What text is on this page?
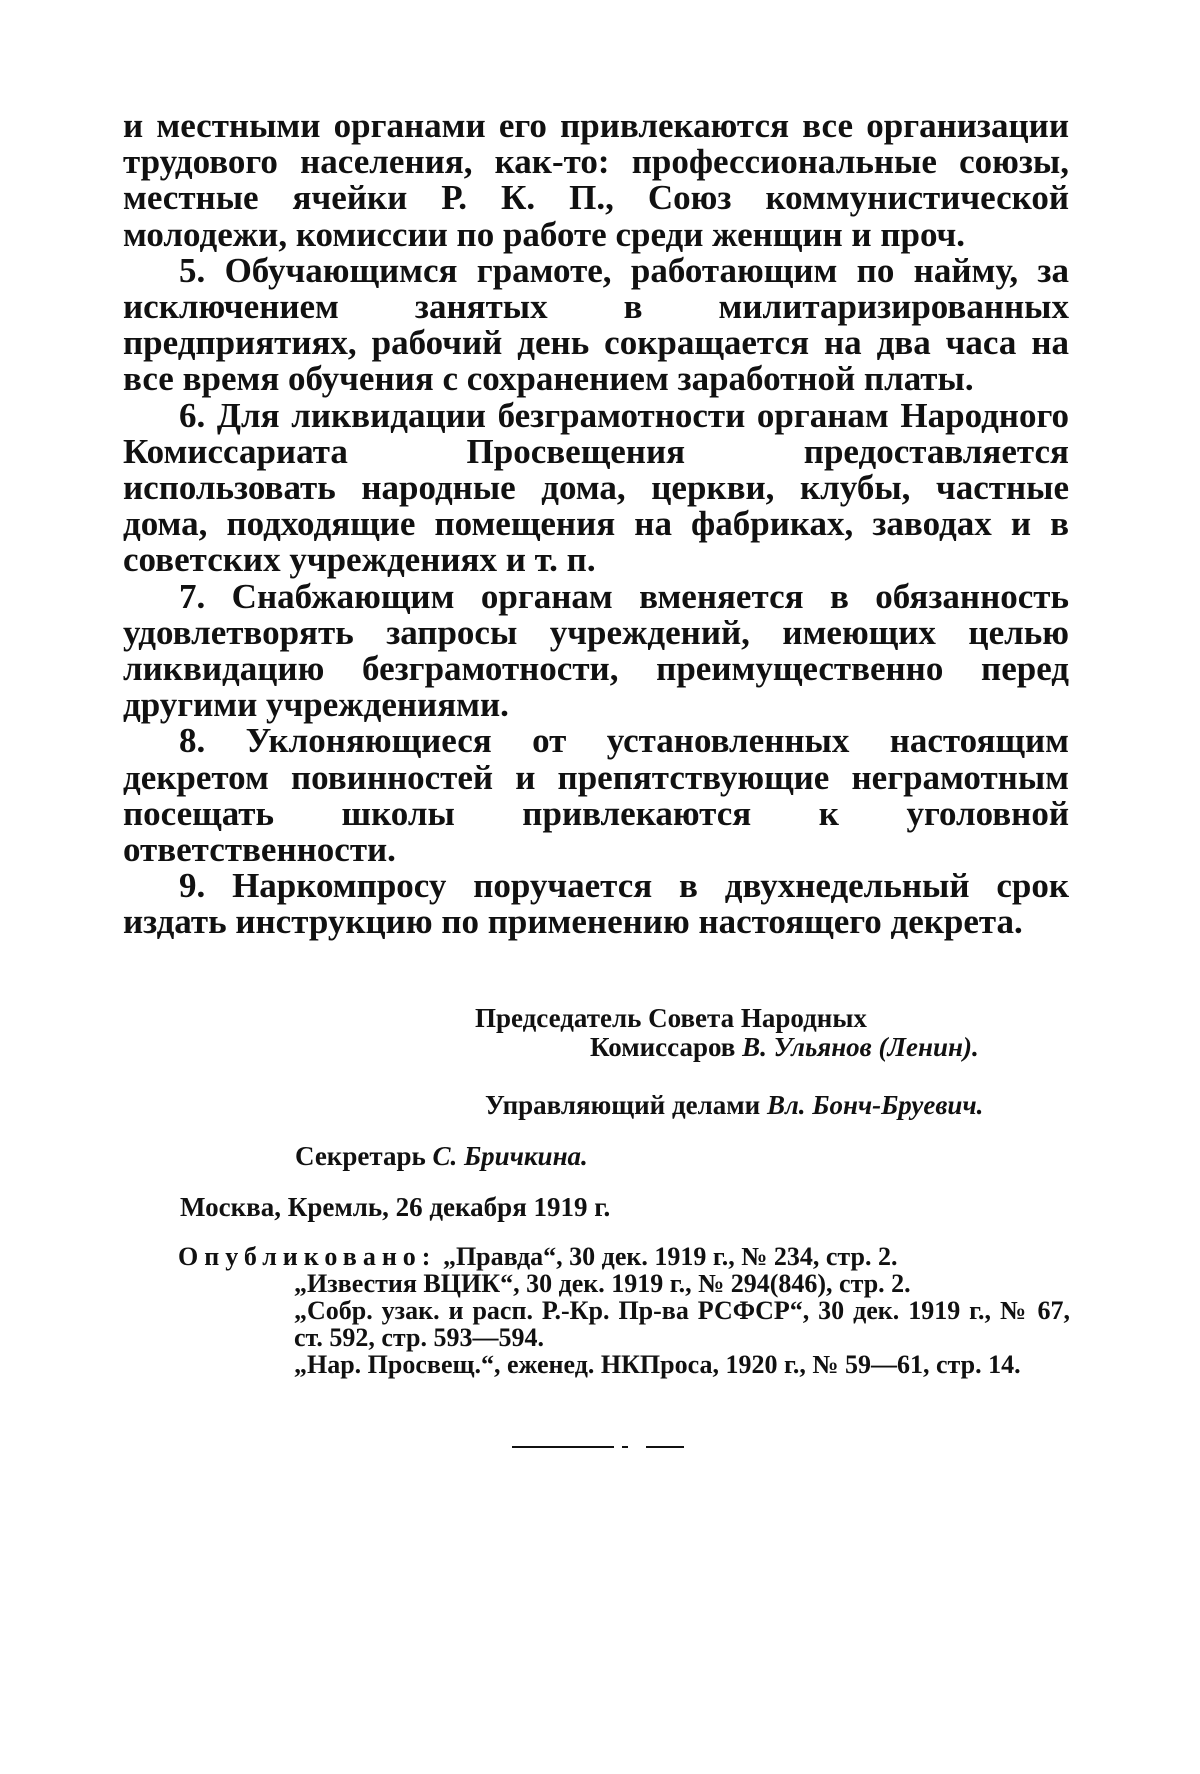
и местными органами его привлекаются все организации трудового населения, как-то: профессиональные союзы, местные ячейки Р. К. П., Союз коммунистической молодежи, комиссии по работе среди женщин и проч.

5. Обучающимся грамоте, работающим по найму, за исключением занятых в милитаризированных предприятиях, рабочий день сокращается на два часа на все время обучения с сохранением заработной платы.

6. Для ликвидации безграмотности органам Народного Комиссариата Просвещения предоставляется использовать народные дома, церкви, клубы, частные дома, подходящие помещения на фабриках, заводах и в советских учреждениях и т. п.

7. Снабжающим органам вменяется в обязанность удовлетворять запросы учреждений, имеющих целью ликвидацию безграмотности, преимущественно перед другими учреждениями.

8. Уклоняющиеся от установленных настоящим декретом повинностей и препятствующие неграмотным посещать школы привлекаются к уголовной ответственности.

9. Наркомпросу поручается в двухнедельный срок издать инструкцию по применению настоящего декрета.

Председатель Совета Народных
Комиссаров В. Ульянов (Ленин).
Управляющий делами Вл. Бонч-Бруевич.
Секретарь С. Бричкина.
Москва, Кремль, 26 декабря 1919 г.

Опубликовано: „Правда“, 30 дек. 1919 г., № 234, стр. 2.

„Известия ВЦИК“, 30 дек. 1919 г., № 294(846), стр. 2.

„Собр. узак. и расп. Р.-Кр. Пр-ва РСФСР“, 30 дек. 1919 г., № 67, ст. 592, стр. 593—594.

„Нар. Просвещ.“, еженед. НКПроса, 1920 г., № 59—61, стр. 14.
